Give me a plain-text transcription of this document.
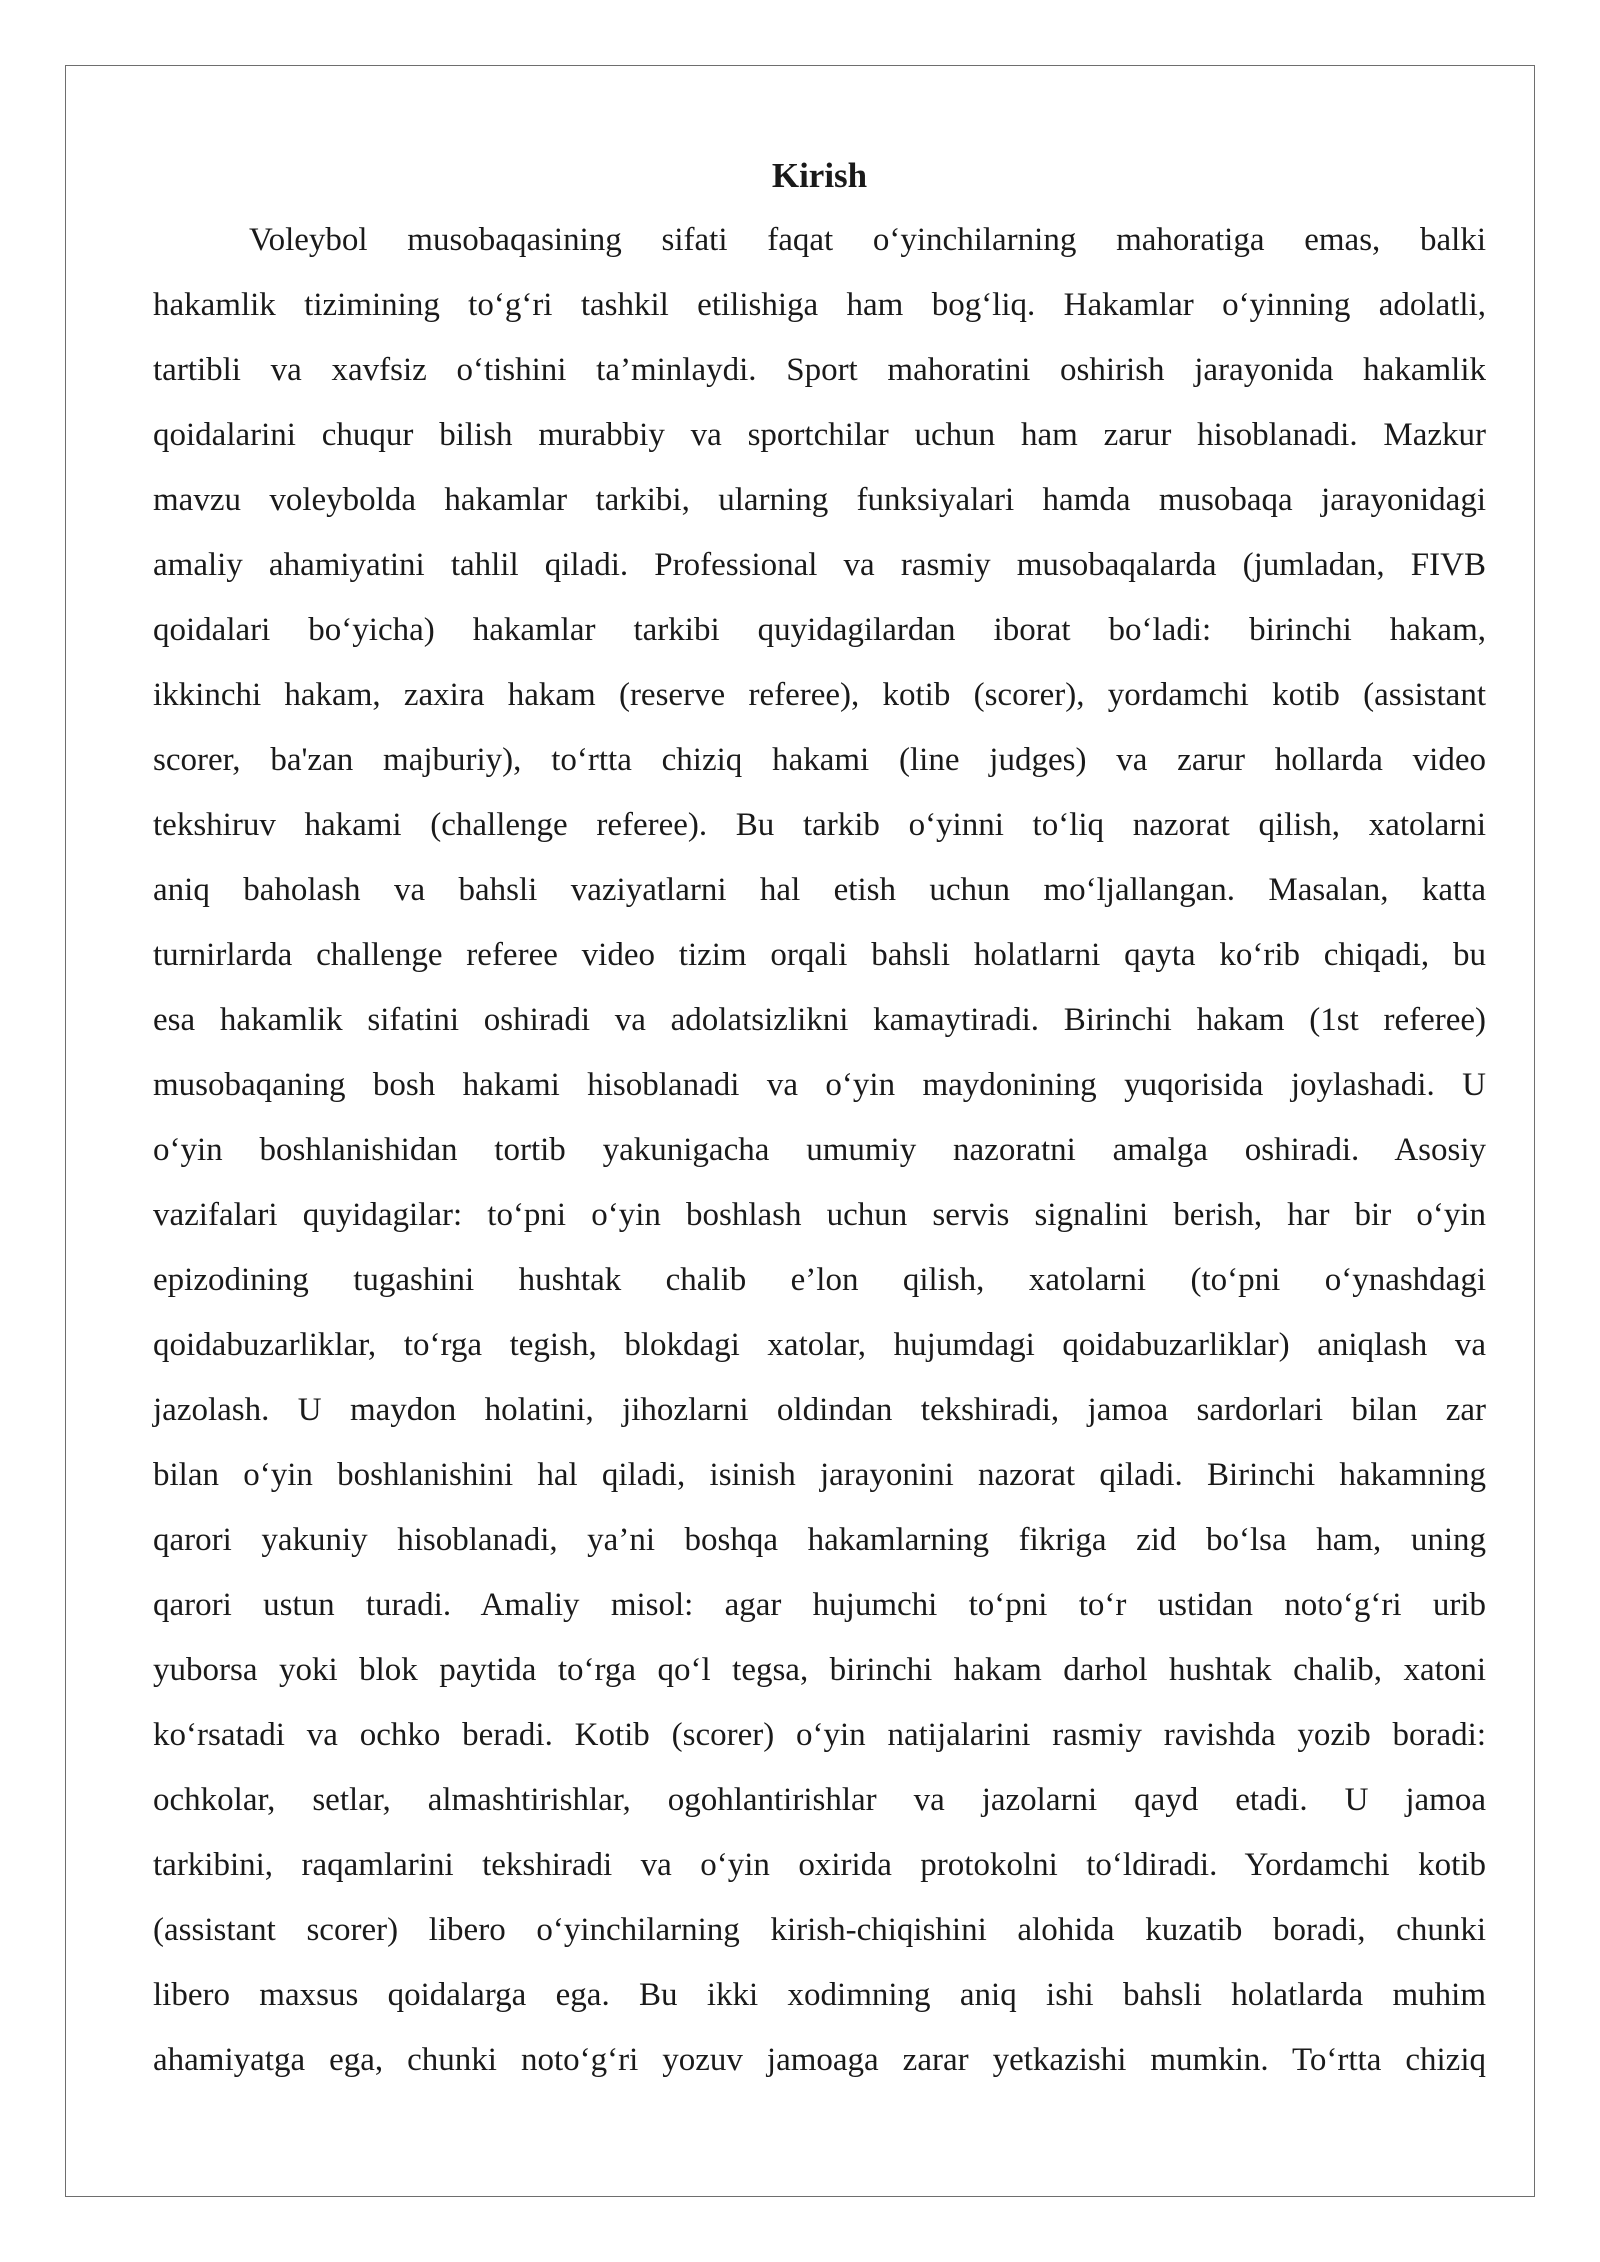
Kirish
Voleybol musobaqasining sifati faqat o‘yinchilarning mahoratiga emas, balki
hakamlik tizimining to‘g‘ri tashkil etilishiga ham bog‘liq. Hakamlar o‘yinning adolatli,
tartibli va xavfsiz o‘tishini ta’minlaydi. Sport mahoratini oshirish jarayonida hakamlik
qoidalarini chuqur bilish murabbiy va sportchilar uchun ham zarur hisoblanadi. Mazkur
mavzu voleybolda hakamlar tarkibi, ularning funksiyalari hamda musobaqa jarayonidagi
amaliy ahamiyatini tahlil qiladi. Professional va rasmiy musobaqalarda (jumladan, FIVB
qoidalari bo‘yicha) hakamlar tarkibi quyidagilardan iborat bo‘ladi: birinchi hakam,
ikkinchi hakam, zaxira hakam (reserve referee), kotib (scorer), yordamchi kotib (assistant
scorer, ba'zan majburiy), to‘rtta chiziq hakami (line judges) va zarur hollarda video
tekshiruv hakami (challenge referee). Bu tarkib o‘yinni to‘liq nazorat qilish, xatolarni
aniq baholash va bahsli vaziyatlarni hal etish uchun mo‘ljallangan. Masalan, katta
turnirlarda challenge referee video tizim orqali bahsli holatlarni qayta ko‘rib chiqadi, bu
esa hakamlik sifatini oshiradi va adolatsizlikni kamaytiradi. Birinchi hakam (1st referee)
musobaqaning bosh hakami hisoblanadi va o‘yin maydonining yuqorisida joylashadi. U
o‘yin boshlanishidan tortib yakunigacha umumiy nazoratni amalga oshiradi. Asosiy
vazifalari quyidagilar: to‘pni o‘yin boshlash uchun servis signalini berish, har bir o‘yin
epizodining tugashini hushtak chalib e’lon qilish, xatolarni (to‘pni o‘ynashdagi
qoidabuzarliklar, to‘rga tegish, blokdagi xatolar, hujumdagi qoidabuzarliklar) aniqlash va
jazolash. U maydon holatini, jihozlarni oldindan tekshiradi, jamoa sardorlari bilan zar
bilan o‘yin boshlanishini hal qiladi, isinish jarayonini nazorat qiladi. Birinchi hakamning
qarori yakuniy hisoblanadi, ya’ni boshqa hakamlarning fikriga zid bo‘lsa ham, uning
qarori ustun turadi. Amaliy misol: agar hujumchi to‘pni to‘r ustidan noto‘g‘ri urib
yuborsa yoki blok paytida to‘rga qo‘l tegsa, birinchi hakam darhol hushtak chalib, xatoni
ko‘rsatadi va ochko beradi. Kotib (scorer) o‘yin natijalarini rasmiy ravishda yozib boradi:
ochkolar, setlar, almashtirishlar, ogohlantirishlar va jazolarni qayd etadi. U jamoa
tarkibini, raqamlarini tekshiradi va o‘yin oxirida protokolni to‘ldiradi. Yordamchi kotib
(assistant scorer) libero o‘yinchilarning kirish-chiqishini alohida kuzatib boradi, chunki
libero maxsus qoidalarga ega. Bu ikki xodimning aniq ishi bahsli holatlarda muhim
ahamiyatga ega, chunki noto‘g‘ri yozuv jamoaga zarar yetkazishi mumkin. To‘rtta chiziq
